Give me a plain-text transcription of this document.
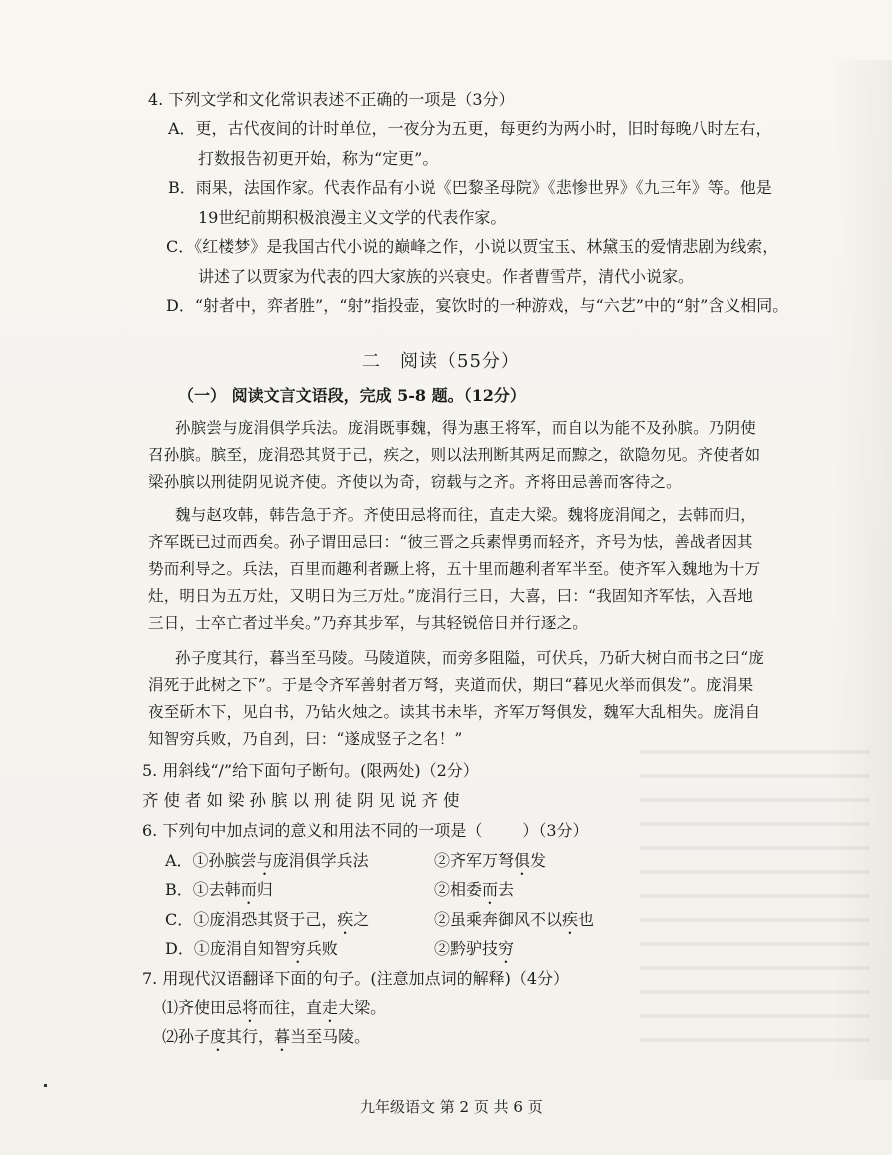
4. 下列文学和文化常识表述不正确的一项是（3分）
A．更，古代夜间的计时单位，一夜分为五更，每更约为两小时，旧时每晚八时左右，
打数报告初更开始，称为“定更”。
B．雨果，法国作家。代表作品有小说《巴黎圣母院》《悲惨世界》《九三年》等。他是
19世纪前期积极浪漫主义文学的代表作家。
C．《红楼梦》是我国古代小说的巅峰之作，小说以贾宝玉、林黛玉的爱情悲剧为线索，
讲述了以贾家为代表的四大家族的兴衰史。作者曹雪芹，清代小说家。
D．“射者中，弈者胜”，“射”指投壶，宴饮时的一种游戏，与“六艺”中的“射”含义相同。
二　阅读（55分）
（一） 阅读文言文语段，完成 5-8 题。（12分）
孙膑尝与庞涓俱学兵法。庞涓既事魏，得为惠王将军，而自以为能不及孙膑。乃阴使
召孙膑。膑至，庞涓恐其贤于己，疾之，则以法刑断其两足而黥之，欲隐勿见。齐使者如
梁孙膑以刑徒阴见说齐使。齐使以为奇，窃载与之齐。齐将田忌善而客待之。
魏与赵攻韩，韩告急于齐。齐使田忌将而往，直走大梁。魏将庞涓闻之，去韩而归，
齐军既已过而西矣。孙子谓田忌曰：“彼三晋之兵素悍勇而轻齐，齐号为怯，善战者因其
势而利导之。兵法，百里而趣利者蹶上将，五十里而趣利者军半至。使齐军入魏地为十万
灶，明日为五万灶，又明日为三万灶。”庞涓行三日，大喜，曰：“我固知齐军怯，入吾地
三日，士卒亡者过半矣。”乃弃其步军，与其轻锐倍日并行逐之。
孙子度其行，暮当至马陵。马陵道陕，而旁多阻隘，可伏兵，乃斫大树白而书之曰“庞
涓死于此树之下”。于是令齐军善射者万弩，夹道而伏，期曰“暮见火举而俱发”。庞涓果
夜至斫木下，见白书，乃钻火烛之。读其书未毕，齐军万弩俱发，魏军大乱相失。庞涓自
知智穷兵败，乃自刭，曰：“遂成竖子之名！”
5. 用斜线“/”给下面句子断句。(限两处)（2分）
齐使者如梁孙膑以刑徒阴见说齐使
6. 下列句中加点词的意义和用法不同的一项是（	）（3分）
A．①孙膑尝与庞涓俱学兵法	②齐军万弩俱发
B．①去韩而归	②相委而去
C．①庞涓恐其贤于己，疾之	②虽乘奔御风不以疾也
D．①庞涓自知智穷兵败	②黔驴技穷
7. 用现代汉语翻译下面的句子。(注意加点词的解释)（4分）
⑴齐使田忌将而往，直走大梁。
⑵孙子度其行，暮当至马陵。
九年级语文 第 2 页 共 6 页
